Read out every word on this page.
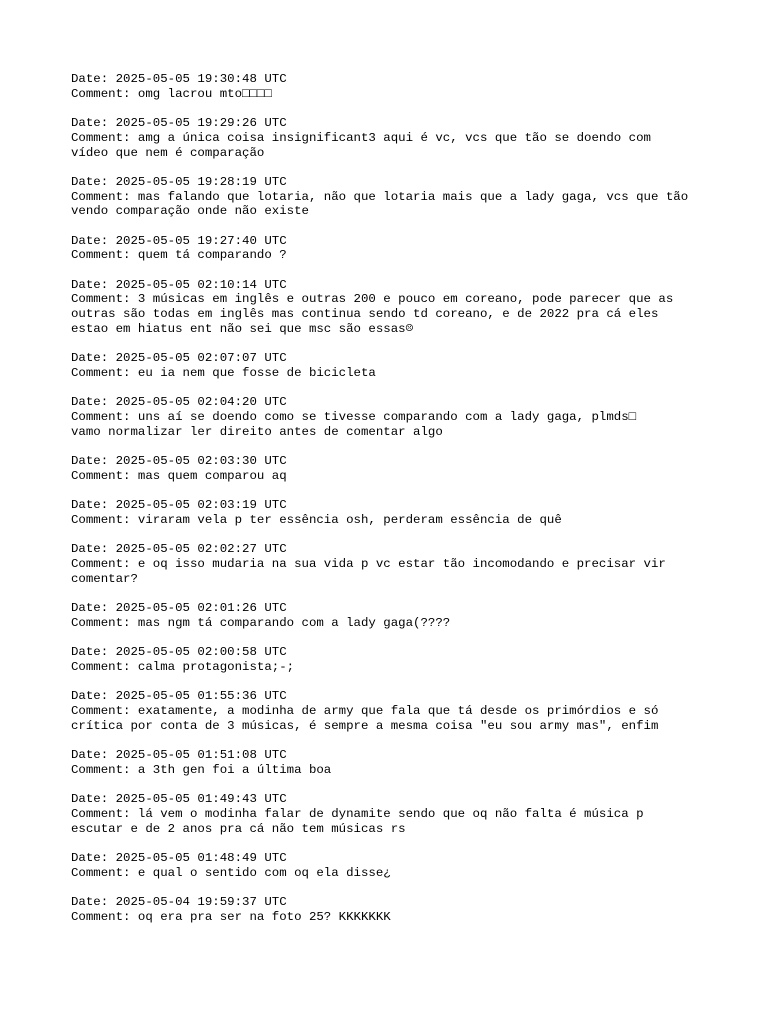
Date: 2025-05-05 19:30:48 UTC
Comment: omg lacrou mto□□□□
Date: 2025-05-05 19:29:26 UTC
Comment: amg a única coisa insignificant3 aqui é vc, vcs que tão se doendo com
vídeo que nem é comparação
Date: 2025-05-05 19:28:19 UTC
Comment: mas falando que lotaria, não que lotaria mais que a lady gaga, vcs que tão
vendo comparação onde não existe
Date: 2025-05-05 19:27:40 UTC
Comment: quem tá comparando ?
Date: 2025-05-05 02:10:14 UTC
Comment: 3 músicas em inglês e outras 200 e pouco em coreano, pode parecer que as
outras são todas em inglês mas continua sendo td coreano, e de 2022 pra cá eles
estao em hiatus ent não sei que msc são essas☹
Date: 2025-05-05 02:07:07 UTC
Comment: eu ia nem que fosse de bicicleta
Date: 2025-05-05 02:04:20 UTC
Comment: uns aí se doendo como se tivesse comparando com a lady gaga, plmds□
vamo normalizar ler direito antes de comentar algo
Date: 2025-05-05 02:03:30 UTC
Comment: mas quem comparou aq
Date: 2025-05-05 02:03:19 UTC
Comment: viraram vela p ter essência osh, perderam essência de quê
Date: 2025-05-05 02:02:27 UTC
Comment: e oq isso mudaria na sua vida p vc estar tão incomodando e precisar vir
comentar?
Date: 2025-05-05 02:01:26 UTC
Comment: mas ngm tá comparando com a lady gaga(????
Date: 2025-05-05 02:00:58 UTC
Comment: calma protagonista;-;
Date: 2025-05-05 01:55:36 UTC
Comment: exatamente, a modinha de army que fala que tá desde os primórdios e só
crítica por conta de 3 músicas, é sempre a mesma coisa "eu sou army mas", enfim
Date: 2025-05-05 01:51:08 UTC
Comment: a 3th gen foi a última boa
Date: 2025-05-05 01:49:43 UTC
Comment: lá vem o modinha falar de dynamite sendo que oq não falta é música p
escutar e de 2 anos pra cá não tem músicas rs
Date: 2025-05-05 01:48:49 UTC
Comment: e qual o sentido com oq ela disse¿
Date: 2025-05-04 19:59:37 UTC
Comment: oq era pra ser na foto 25? KKKKKKK
